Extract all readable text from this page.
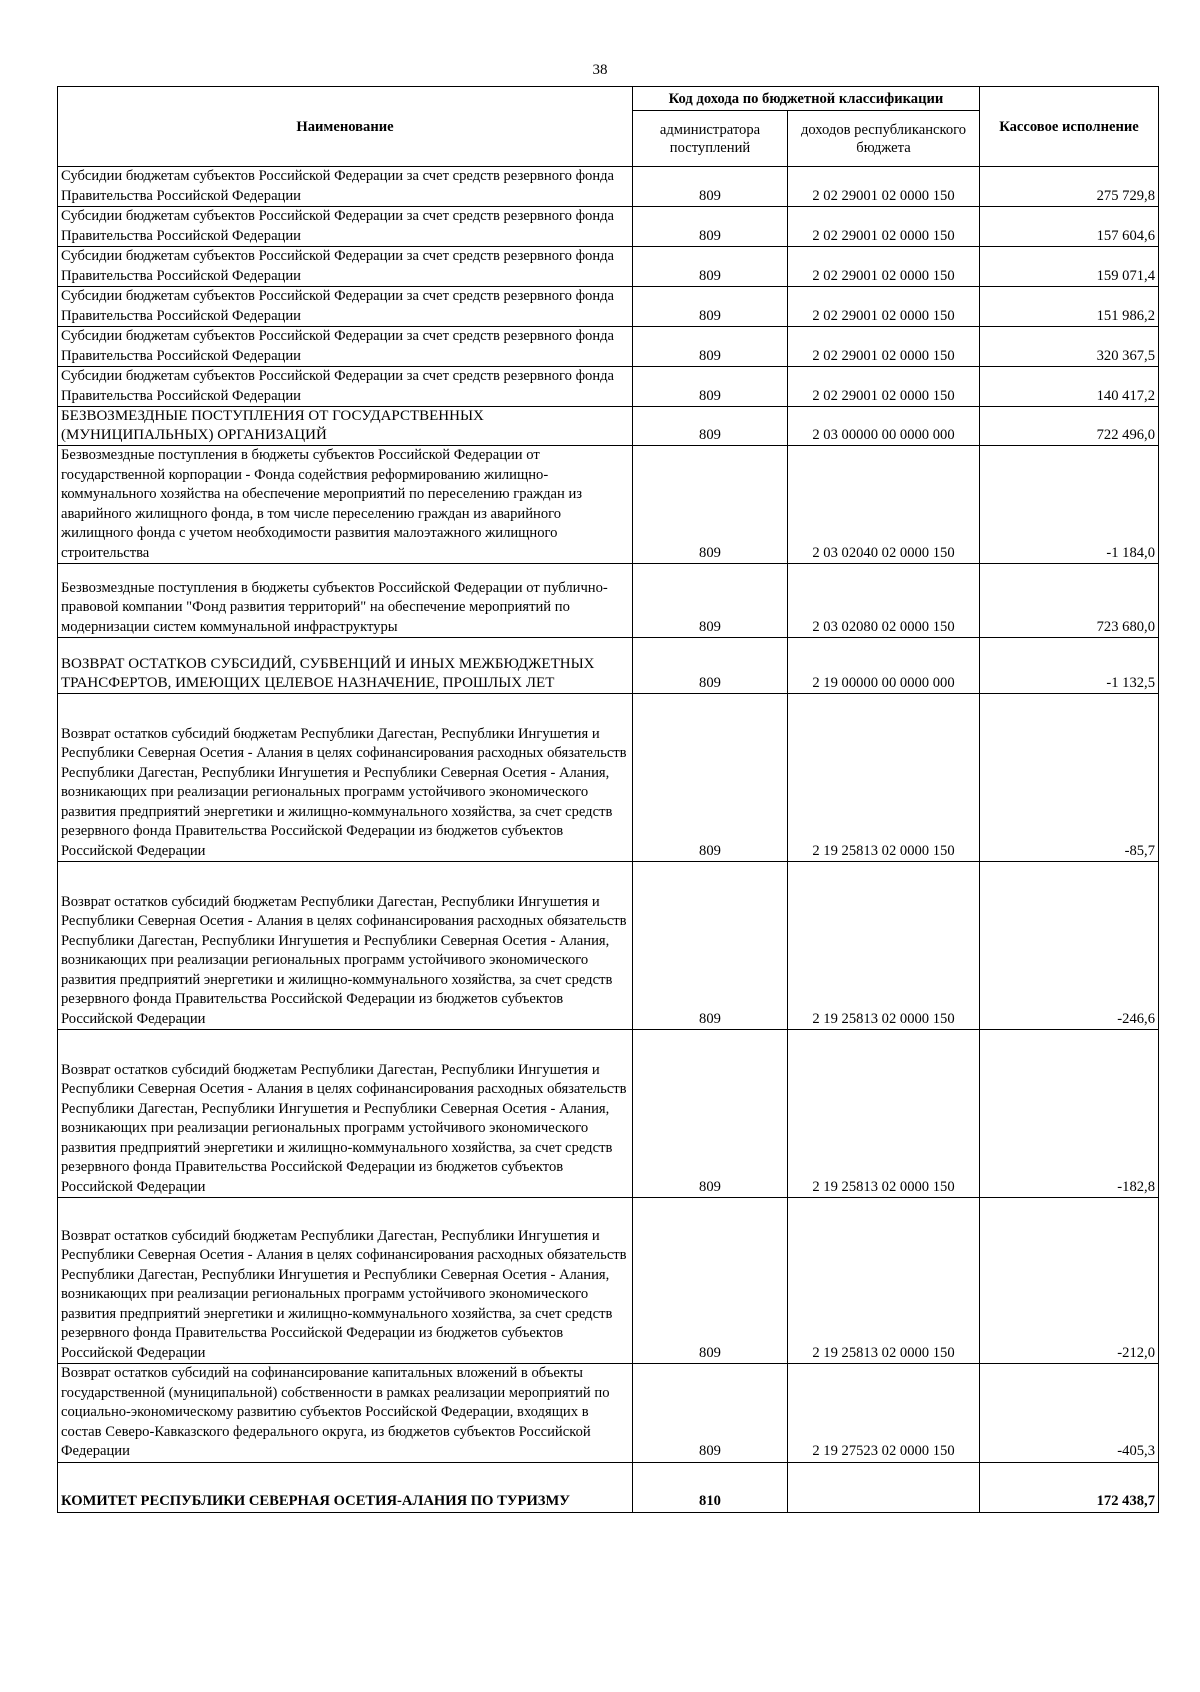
38
Наименование	Код дохода по бюджетной классификации		Кассовое исполнение
	администратора поступлений	доходов республиканского бюджета	
Субсидии бюджетам субъектов Российской Федерации за счет средств резервного фонда Правительства Российской Федерации	809	2 02 29001 02 0000 150	275 729,8
Субсидии бюджетам субъектов Российской Федерации за счет средств резервного фонда Правительства Российской Федерации	809	2 02 29001 02 0000 150	157 604,6
Субсидии бюджетам субъектов Российской Федерации за счет средств резервного фонда Правительства Российской Федерации	809	2 02 29001 02 0000 150	159 071,4
Субсидии бюджетам субъектов Российской Федерации за счет средств резервного фонда Правительства Российской Федерации	809	2 02 29001 02 0000 150	151 986,2
Субсидии бюджетам субъектов Российской Федерации за счет средств резервного фонда Правительства Российской Федерации	809	2 02 29001 02 0000 150	320 367,5
Субсидии бюджетам субъектов Российской Федерации за счет средств резервного фонда Правительства Российской Федерации	809	2 02 29001 02 0000 150	140 417,2
БЕЗВОЗМЕЗДНЫЕ ПОСТУПЛЕНИЯ ОТ ГОСУДАРСТВЕННЫХ (МУНИЦИПАЛЬНЫХ) ОРГАНИЗАЦИЙ	809	2 03 00000 00 0000 000	722 496,0
Безвозмездные поступления в бюджеты субъектов Российской Федерации от государственной корпорации - Фонда содействия реформированию жилищно-коммунального хозяйства на обеспечение мероприятий по переселению граждан из аварийного жилищного фонда, в том числе переселению граждан из аварийного жилищного фонда с учетом необходимости развития малоэтажного жилищного строительства	809	2 03 02040 02 0000 150	-1 184,0
Безвозмездные поступления в бюджеты субъектов Российской Федерации от публично-правовой компании "Фонд развития территорий" на обеспечение мероприятий по модернизации систем коммунальной инфраструктуры	809	2 03 02080 02 0000 150	723 680,0
ВОЗВРАТ ОСТАТКОВ СУБСИДИЙ, СУБВЕНЦИЙ И ИНЫХ МЕЖБЮДЖЕТНЫХ ТРАНСФЕРТОВ, ИМЕЮЩИХ ЦЕЛЕВОЕ НАЗНАЧЕНИЕ, ПРОШЛЫХ ЛЕТ	809	2 19 00000 00 0000 000	-1 132,5
Возврат остатков субсидий бюджетам Республики Дагестан, Республики Ингушетия и Республики Северная Осетия - Алания в целях софинансирования расходных обязательств Республики Дагестан, Республики Ингушетия и Республики Северная Осетия - Алания, возникающих при реализации региональных программ устойчивого экономического развития предприятий энергетики и жилищно-коммунального хозяйства, за счет средств резервного фонда Правительства Российской Федерации из бюджетов субъектов Российской Федерации	809	2 19 25813 02 0000 150	-85,7
Возврат остатков субсидий бюджетам Республики Дагестан, Республики Ингушетия и Республики Северная Осетия - Алания в целях софинансирования расходных обязательств Республики Дагестан, Республики Ингушетия и Республики Северная Осетия - Алания, возникающих при реализации региональных программ устойчивого экономического развития предприятий энергетики и жилищно-коммунального хозяйства, за счет средств резервного фонда Правительства Российской Федерации из бюджетов субъектов Российской Федерации	809	2 19 25813 02 0000 150	-246,6
Возврат остатков субсидий бюджетам Республики Дагестан, Республики Ингушетия и Республики Северная Осетия - Алания в целях софинансирования расходных обязательств Республики Дагестан, Республики Ингушетия и Республики Северная Осетия - Алания, возникающих при реализации региональных программ устойчивого экономического развития предприятий энергетики и жилищно-коммунального хозяйства, за счет средств резервного фонда Правительства Российской Федерации из бюджетов субъектов Российской Федерации	809	2 19 25813 02 0000 150	-182,8
Возврат остатков субсидий бюджетам Республики Дагестан, Республики Ингушетия и Республики Северная Осетия - Алания в целях софинансирования расходных обязательств Республики Дагестан, Республики Ингушетия и Республики Северная Осетия - Алания, возникающих при реализации региональных программ устойчивого экономического развития предприятий энергетики и жилищно-коммунального хозяйства, за счет средств резервного фонда Правительства Российской Федерации из бюджетов субъектов Российской Федерации	809	2 19 25813 02 0000 150	-212,0
Возврат остатков субсидий на софинансирование капитальных вложений в объекты государственной (муниципальной) собственности в рамках реализации мероприятий по социально-экономическому развитию субъектов Российской Федерации, входящих в состав Северо-Кавказского федерального округа, из бюджетов субъектов Российской Федерации	809	2 19 27523 02 0000 150	-405,3
КОМИТЕТ РЕСПУБЛИКИ СЕВЕРНАЯ ОСЕТИЯ-АЛАНИЯ ПО ТУРИЗМУ	810		172 438,7
